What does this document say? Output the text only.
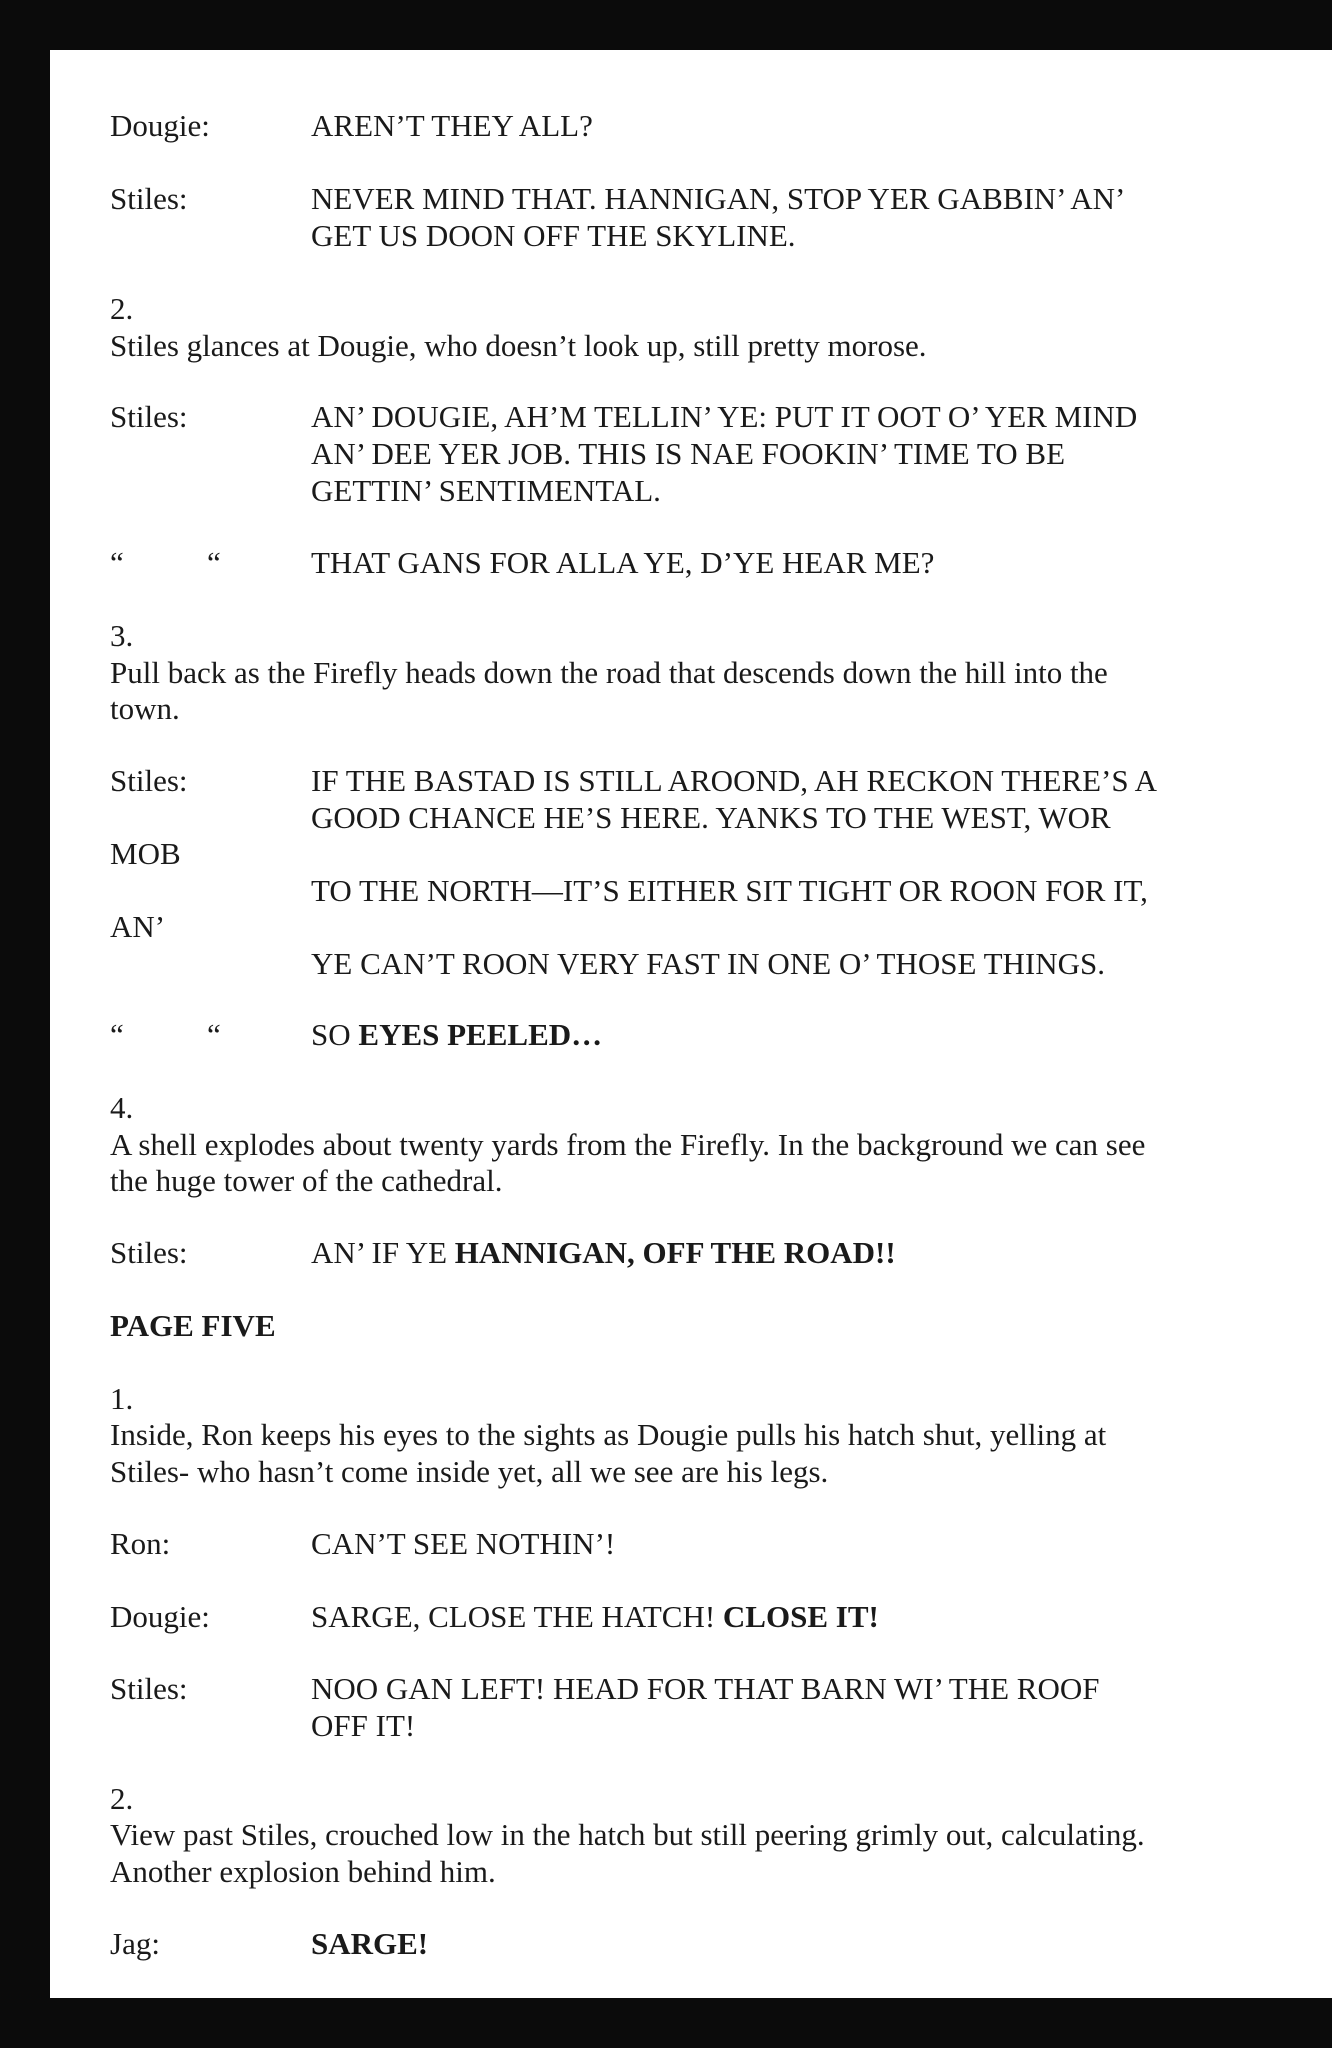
Dougie:	AREN’T THEY ALL?

Stiles:	NEVER MIND THAT. HANNIGAN, STOP YER GABBIN’ AN’

GET US DOON OFF THE SKYLINE.

2.

Stiles glances at Dougie, who doesn’t look up, still pretty morose.

Stiles:	AN’ DOUGIE, AH’M TELLIN’ YE: PUT IT OOT O’ YER MIND

AN’ DEE YER JOB. THIS IS NAE FOOKIN’ TIME TO BE

GETTIN’ SENTIMENTAL.

“	“	THAT GANS FOR ALLA YE, D’YE HEAR ME?

3.

Pull back as the Firefly heads down the road that descends down the hill into the

town.

Stiles:	IF THE BASTAD IS STILL AROOND, AH RECKON THERE’S A

GOOD CHANCE HE’S HERE. YANKS TO THE WEST, WOR

MOB

TO THE NORTH—IT’S EITHER SIT TIGHT OR ROON FOR IT,

AN’

YE CAN’T ROON VERY FAST IN ONE O’ THOSE THINGS.

“	“	SO EYES PEELED…

4.

A shell explodes about twenty yards from the Firefly. In the background we can see

the huge tower of the cathedral.

Stiles:	AN’ IF YE HANNIGAN, OFF THE ROAD!!

PAGE FIVE

1.

Inside, Ron keeps his eyes to the sights as Dougie pulls his hatch shut, yelling at

Stiles- who hasn’t come inside yet, all we see are his legs.

Ron:	CAN’T SEE NOTHIN’!

Dougie:	SARGE, CLOSE THE HATCH! CLOSE IT!

Stiles:	NOO GAN LEFT! HEAD FOR THAT BARN WI’ THE ROOF

OFF IT!

2.

View past Stiles, crouched low in the hatch but still peering grimly out, calculating.

Another explosion behind him.

Jag:	SARGE!
